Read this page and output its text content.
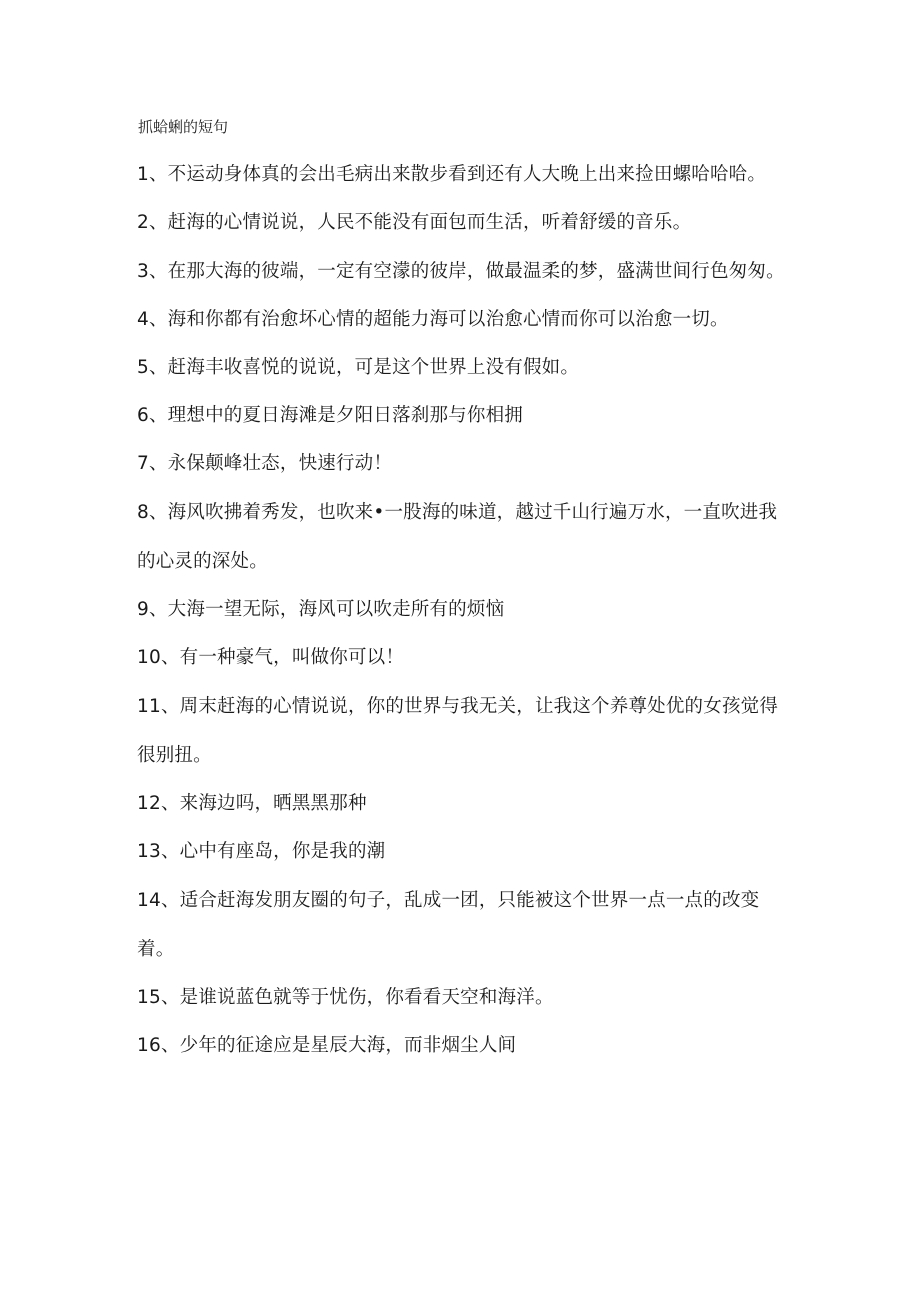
抓蛤蜊的短句

1、不运动身体真的会出毛病出来散步看到还有人大晚上出来捡田螺哈哈哈。

2、赶海的心情说说，人民不能没有面包而生活，听着舒缓的音乐。

3、在那大海的彼端，一定有空濛的彼岸，做最温柔的梦，盛满世间行色匆匆。

4、海和你都有治愈坏心情的超能力海可以治愈心情而你可以治愈一切。

5、赶海丰收喜悦的说说，可是这个世界上没有假如。

6、理想中的夏日海滩是夕阳日落刹那与你相拥

7、永保颠峰壮态，快速行动！

8、海风吹拂着秀发，也吹来•一股海的味道，越过千山行遍万水，一直吹进我的心灵的深处。

9、大海一望无际，海风可以吹走所有的烦恼

10、有一种豪气，叫做你可以！

11、周末赶海的心情说说，你的世界与我无关，让我这个养尊处优的女孩觉得很别扭。

12、来海边吗，晒黑黑那种

13、心中有座岛，你是我的潮

14、适合赶海发朋友圈的句子，乱成一团，只能被这个世界一点一点的改变着。

15、是谁说蓝色就等于忧伤，你看看天空和海洋。

16、少年的征途应是星辰大海，而非烟尘人间
